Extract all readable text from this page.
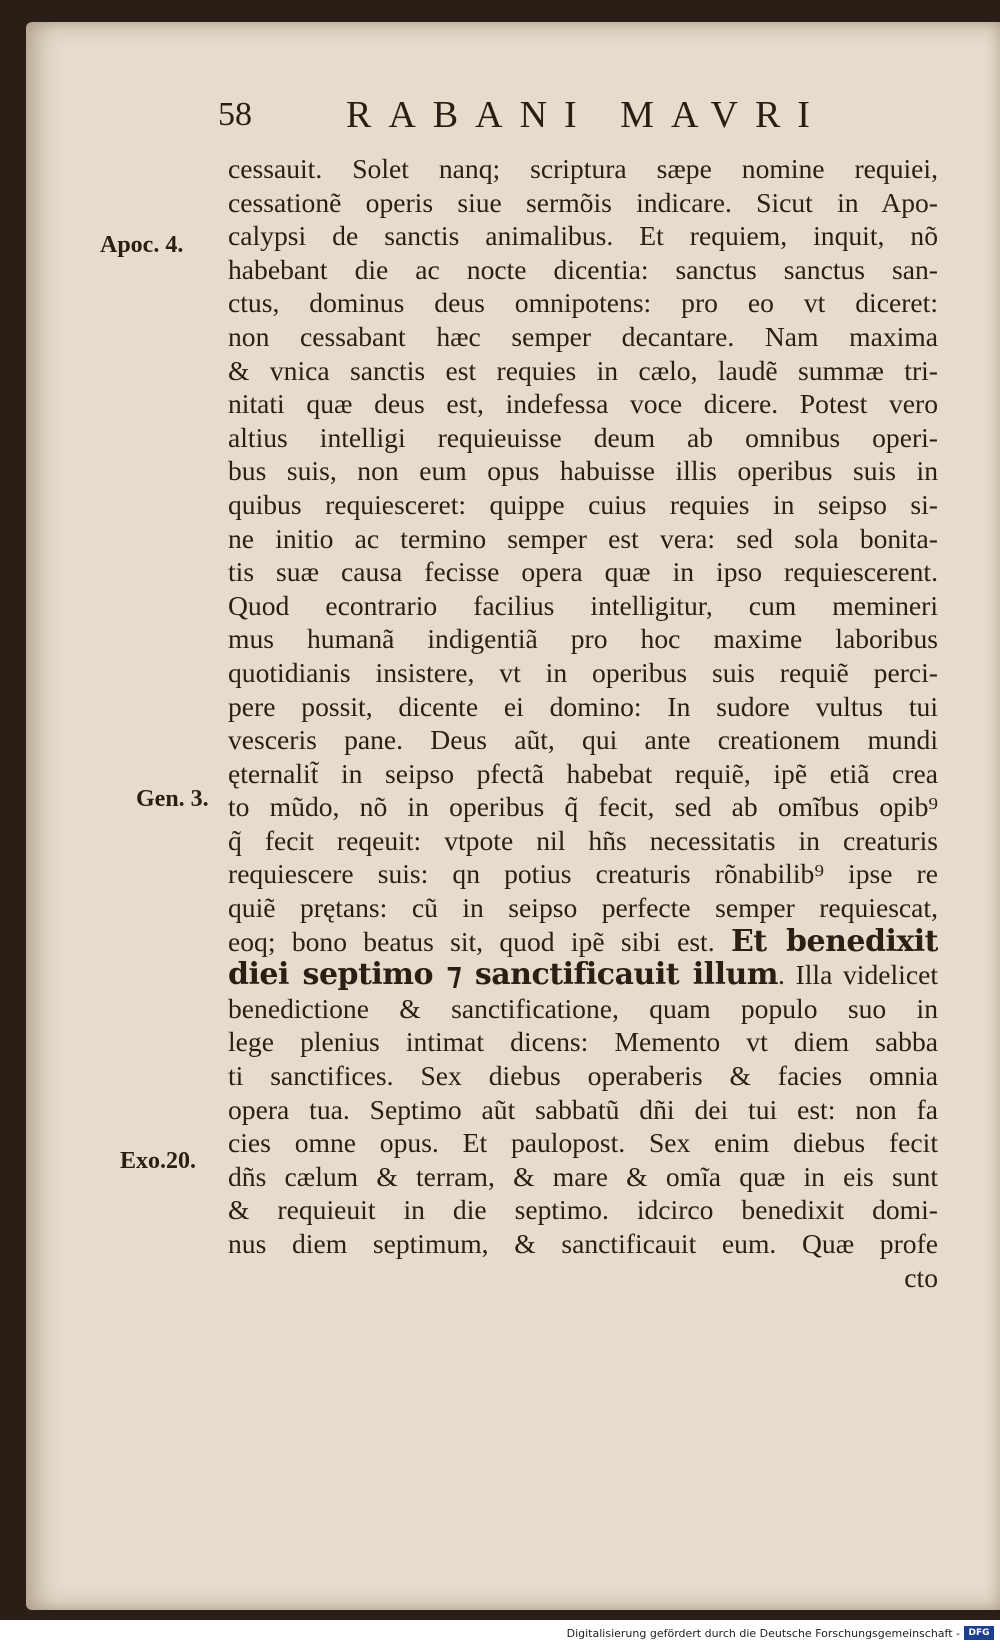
58 RABANI MAVRI
Apoc. 4.
Gen. 3.
Exo.20.
cessauit. Solet nanq; scriptura sæpe nomine requiei,
cessationẽ operis siue sermõis indicare. Sicut in Apo-
calypsi de sanctis animalibus. Et requiem, inquit, nõ
habebant die ac nocte dicentia: sanctus sanctus san-
ctus, dominus deus omnipotens: pro eo vt diceret:
non cessabant hæc semper decantare. Nam maxima
& vnica sanctis est requies in cælo, laudẽ summæ tri-
nitati quæ deus est, indefessa voce dicere. Potest vero
altius intelligi requieuisse deum ab omnibus operi-
bus suis, non eum opus habuisse illis operibus suis in
quibus requiesceret: quippe cuius requies in seipso si-
ne initio ac termino semper est vera: sed sola bonita-
tis suæ causa fecisse opera quæ in ipso requiescerent.
Quod econtrario facilius intelligitur, cum memineri
mus humanã indigentiã pro hoc maxime laboribus
quotidianis insistere, vt in operibus suis requiẽ perci-
pere possit, dicente ei domino: In sudore vultus tui
vesceris pane. Deus aũt, qui ante creationem mundi
ęternalit̃ in seipso pfectã habebat requiẽ, ipẽ etiã crea
to mũdo, nõ in operibus q̃ fecit, sed ab omĩbus opib⁹
q̃ fecit reqeuit: vtpote nil hñs necessitatis in creaturis
requiescere suis: qn potius creaturis rõnabilib⁹ ipse re
quiẽ prętans: cũ in seipso perfecte semper requiescat,
eoq; bono beatus sit, quod ipẽ sibi est. Et benedixit
diei septimo ⁊ sanctificauit illum. Illa videlicet
benedictione & sanctificatione, quam populo suo in
lege plenius intimat dicens: Memento vt diem sabba
ti sanctifices. Sex diebus operaberis & facies omnia
opera tua. Septimo aũt sabbatũ dñi dei tui est: non fa
cies omne opus. Et paulopost. Sex enim diebus fecit
dñs cælum & terram, & mare & omĩa quæ in eis sunt
& requieuit in die septimo. idcirco benedixit domi-
nus diem septimum, & sanctificauit eum. Quæ profe
cto
Digitalisierung gefördert durch die Deutsche Forschungsgemeinschaft - DFG
